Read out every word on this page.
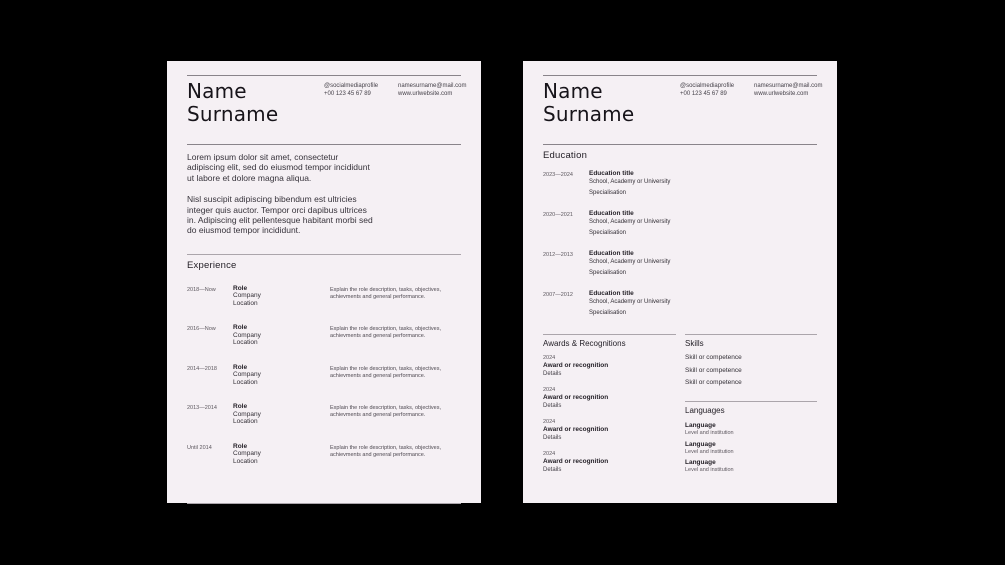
Name
Surname
@socialmediaprofile
+00 123 45 67 89
namesurname@mail.com
www.urlwebsite.com

Lorem ipsum dolor sit amet, consectetur adipiscing elit, sed do eiusmod tempor incididunt ut labore et dolore magna aliqua.

Nisl suscipit adipiscing bibendum est ultricies integer quis auctor. Tempor orci dapibus ultrices in. Adipiscing elit pellentesque habitant morbi sed do eiusmod tempor incididunt.

Experience
2018—Now	Role
Company
Location
Explain the role description, tasks, objectives, achievments and general performance.
2016—Now	Role
Company
Location
Explain the role description, tasks, objectives, achievments and general performance.
2014—2018	Role
Company
Location
Explain the role description, tasks, objectives, achievments and general performance.
2013—2014	Role
Company
Location
Explain the role description, tasks, objectives, achievments and general performance.
Until 2014	Role
Company
Location
Explain the role description, tasks, objectives, achievments and general performance.
Name
Surname
@socialmediaprofile
+00 123 45 67 89
namesurname@mail.com
www.urlwebsite.com
Education
2023—2024	Education title
School, Academy or University
Specialisation
2020—2021	Education title
School, Academy or University
Specialisation
2012—2013	Education title
School, Academy or University
Specialisation
2007—2012	Education title
School, Academy or University
Specialisation
Awards & Recognitions
2024
Award or recognition
Details
2024
Award or recognition
Details
2024
Award or recognition
Details
2024
Award or recognition
Details
Skills
Skill or competence
Skill or competence
Skill or competence
Languages
Language
Level and institution
Language
Level and institution
Language
Level and institution
